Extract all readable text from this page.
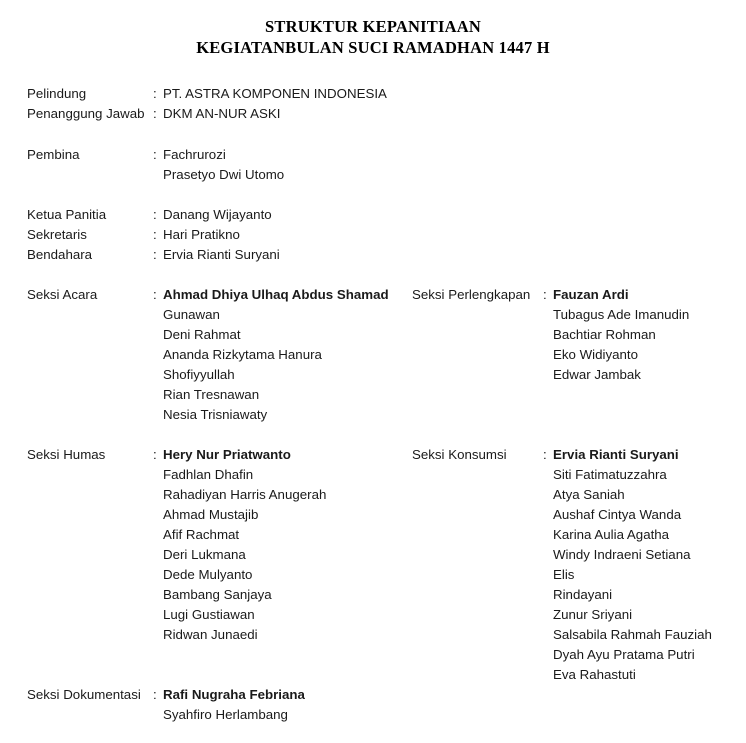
STRUKTUR KEPANITIAAN
KEGIATANBULAN SUCI RAMADHAN 1447 H
Pelindung	: PT. ASTRA KOMPONEN INDONESIA
Penanggung Jawab : DKM AN-NUR ASKI
Pembina	: Fachrurozi
Prasetyo Dwi Utomo
Ketua Panitia	: Danang Wijayanto
Sekretaris	: Hari Pratikno
Bendahara	: Ervia Rianti Suryani
Seksi Acara	: Ahmad Dhiya Ulhaq Abdus Shamad
Gunawan
Deni Rahmat
Ananda Rizkytama Hanura
Shofiyyullah
Rian Tresnawan
Nesia Trisniawaty
Seksi Perlengkapan : Fauzan Ardi
Tubagus Ade Imanudin
Bachtiar Rohman
Eko Widiyanto
Edwar Jambak
Seksi Humas	: Hery Nur Priatwanto
Fadhlan Dhafin
Rahadiyan Harris Anugerah
Ahmad Mustajib
Afif Rachmat
Deri Lukmana
Dede Mulyanto
Bambang Sanjaya
Lugi Gustiawan
Ridwan Junaedi
Seksi Konsumsi	: Ervia Rianti Suryani
Siti Fatimatuzzahra
Atya Saniah
Aushaf Cintya Wanda
Karina Aulia Agatha
Windy Indraeni Setiana
Elis
Rindayani
Zunur Sriyani
Salsabila Rahmah Fauziah
Dyah Ayu Pratama Putri
Eva Rahastuti
Seksi Dokumentasi : Rafi Nugraha Febriana
Syahfiro Herlambang
